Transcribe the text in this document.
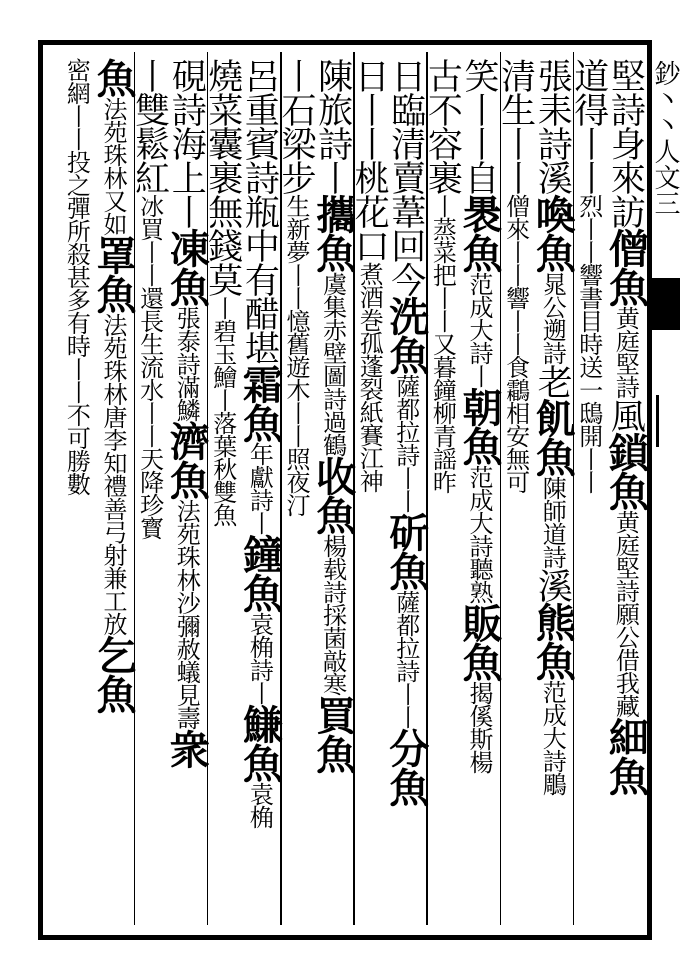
堅詩身來訪僧魚黄庭堅詩風鎖魚黄庭堅詩願公借我藏細魚
道得丨丨烈丨丨響書目時送一鴟開丨丨
張耒詩溪喚魚晁公遡詩老飢魚陳師道詩溪熊魚范成大詩鵰
清生丨丨僧來丨丨響丨丨食鸘相安無可
笑丨丨自褁魚范成大詩丨朝魚范成大詩聽熟販魚揭傒斯楊
古不容裹丨蒸菜把丨丨又暮鐘柳青謡昨
日臨清賣葦回今洗魚薩都拉詩丨丨斫魚薩都拉詩丨丨分魚
日丨丨桃花口煮酒巻孤蓬裂紙賽江神
陳旅詩丨攜魚虞集赤壁圖詩過鶴收魚楊载詩採菌敲寒買魚
丨石梁步生新夢丨丨憶舊遊木丨丨照夜汀
呂重賓詩瓶中有醋堪霜魚年獻詩丨鐘魚袁桷詩丨鰜魚袁桷
燒菜囊裹無錢莫丨碧玉鱠丨落葉秋雙魚
硯詩海上丨凍魚張泰詩滿鱗濟魚法苑珠林沙彌赦蟻見壽衆
丨雙鬆紅冰買丨丨還長生流水丨丨天降珍寳
魚法苑珠林又如罩魚法苑珠林唐李知禮善弓射兼工放乞魚
密網丨丨投之彈所殺甚多有時丨丨不可勝數
鈔丶丶人文三
